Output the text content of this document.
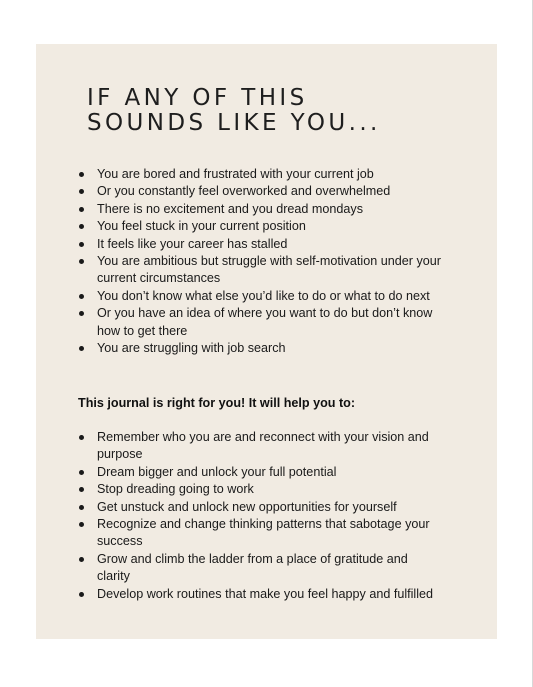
IF ANY OF THIS
SOUNDS LIKE YOU...
You are bored and frustrated with your current job
Or you constantly feel overworked and overwhelmed
There is no excitement and you dread mondays
You feel stuck in your current position
It feels like your career has stalled
You are ambitious but struggle with self-motivation under your current circumstances
You don’t know what else you’d like to do or what to do next
Or you have an idea of where you want to do but don’t know how to get there
You are struggling with job search

This journal is right for you! It will help you to:

Remember who you are and reconnect with your vision and purpose
Dream bigger and unlock your full potential
Stop dreading going to work
Get unstuck and unlock new opportunities for yourself
Recognize and change thinking patterns that sabotage your success
Grow and climb the ladder from a place of gratitude and clarity
Develop work routines that make you feel happy and fulfilled
